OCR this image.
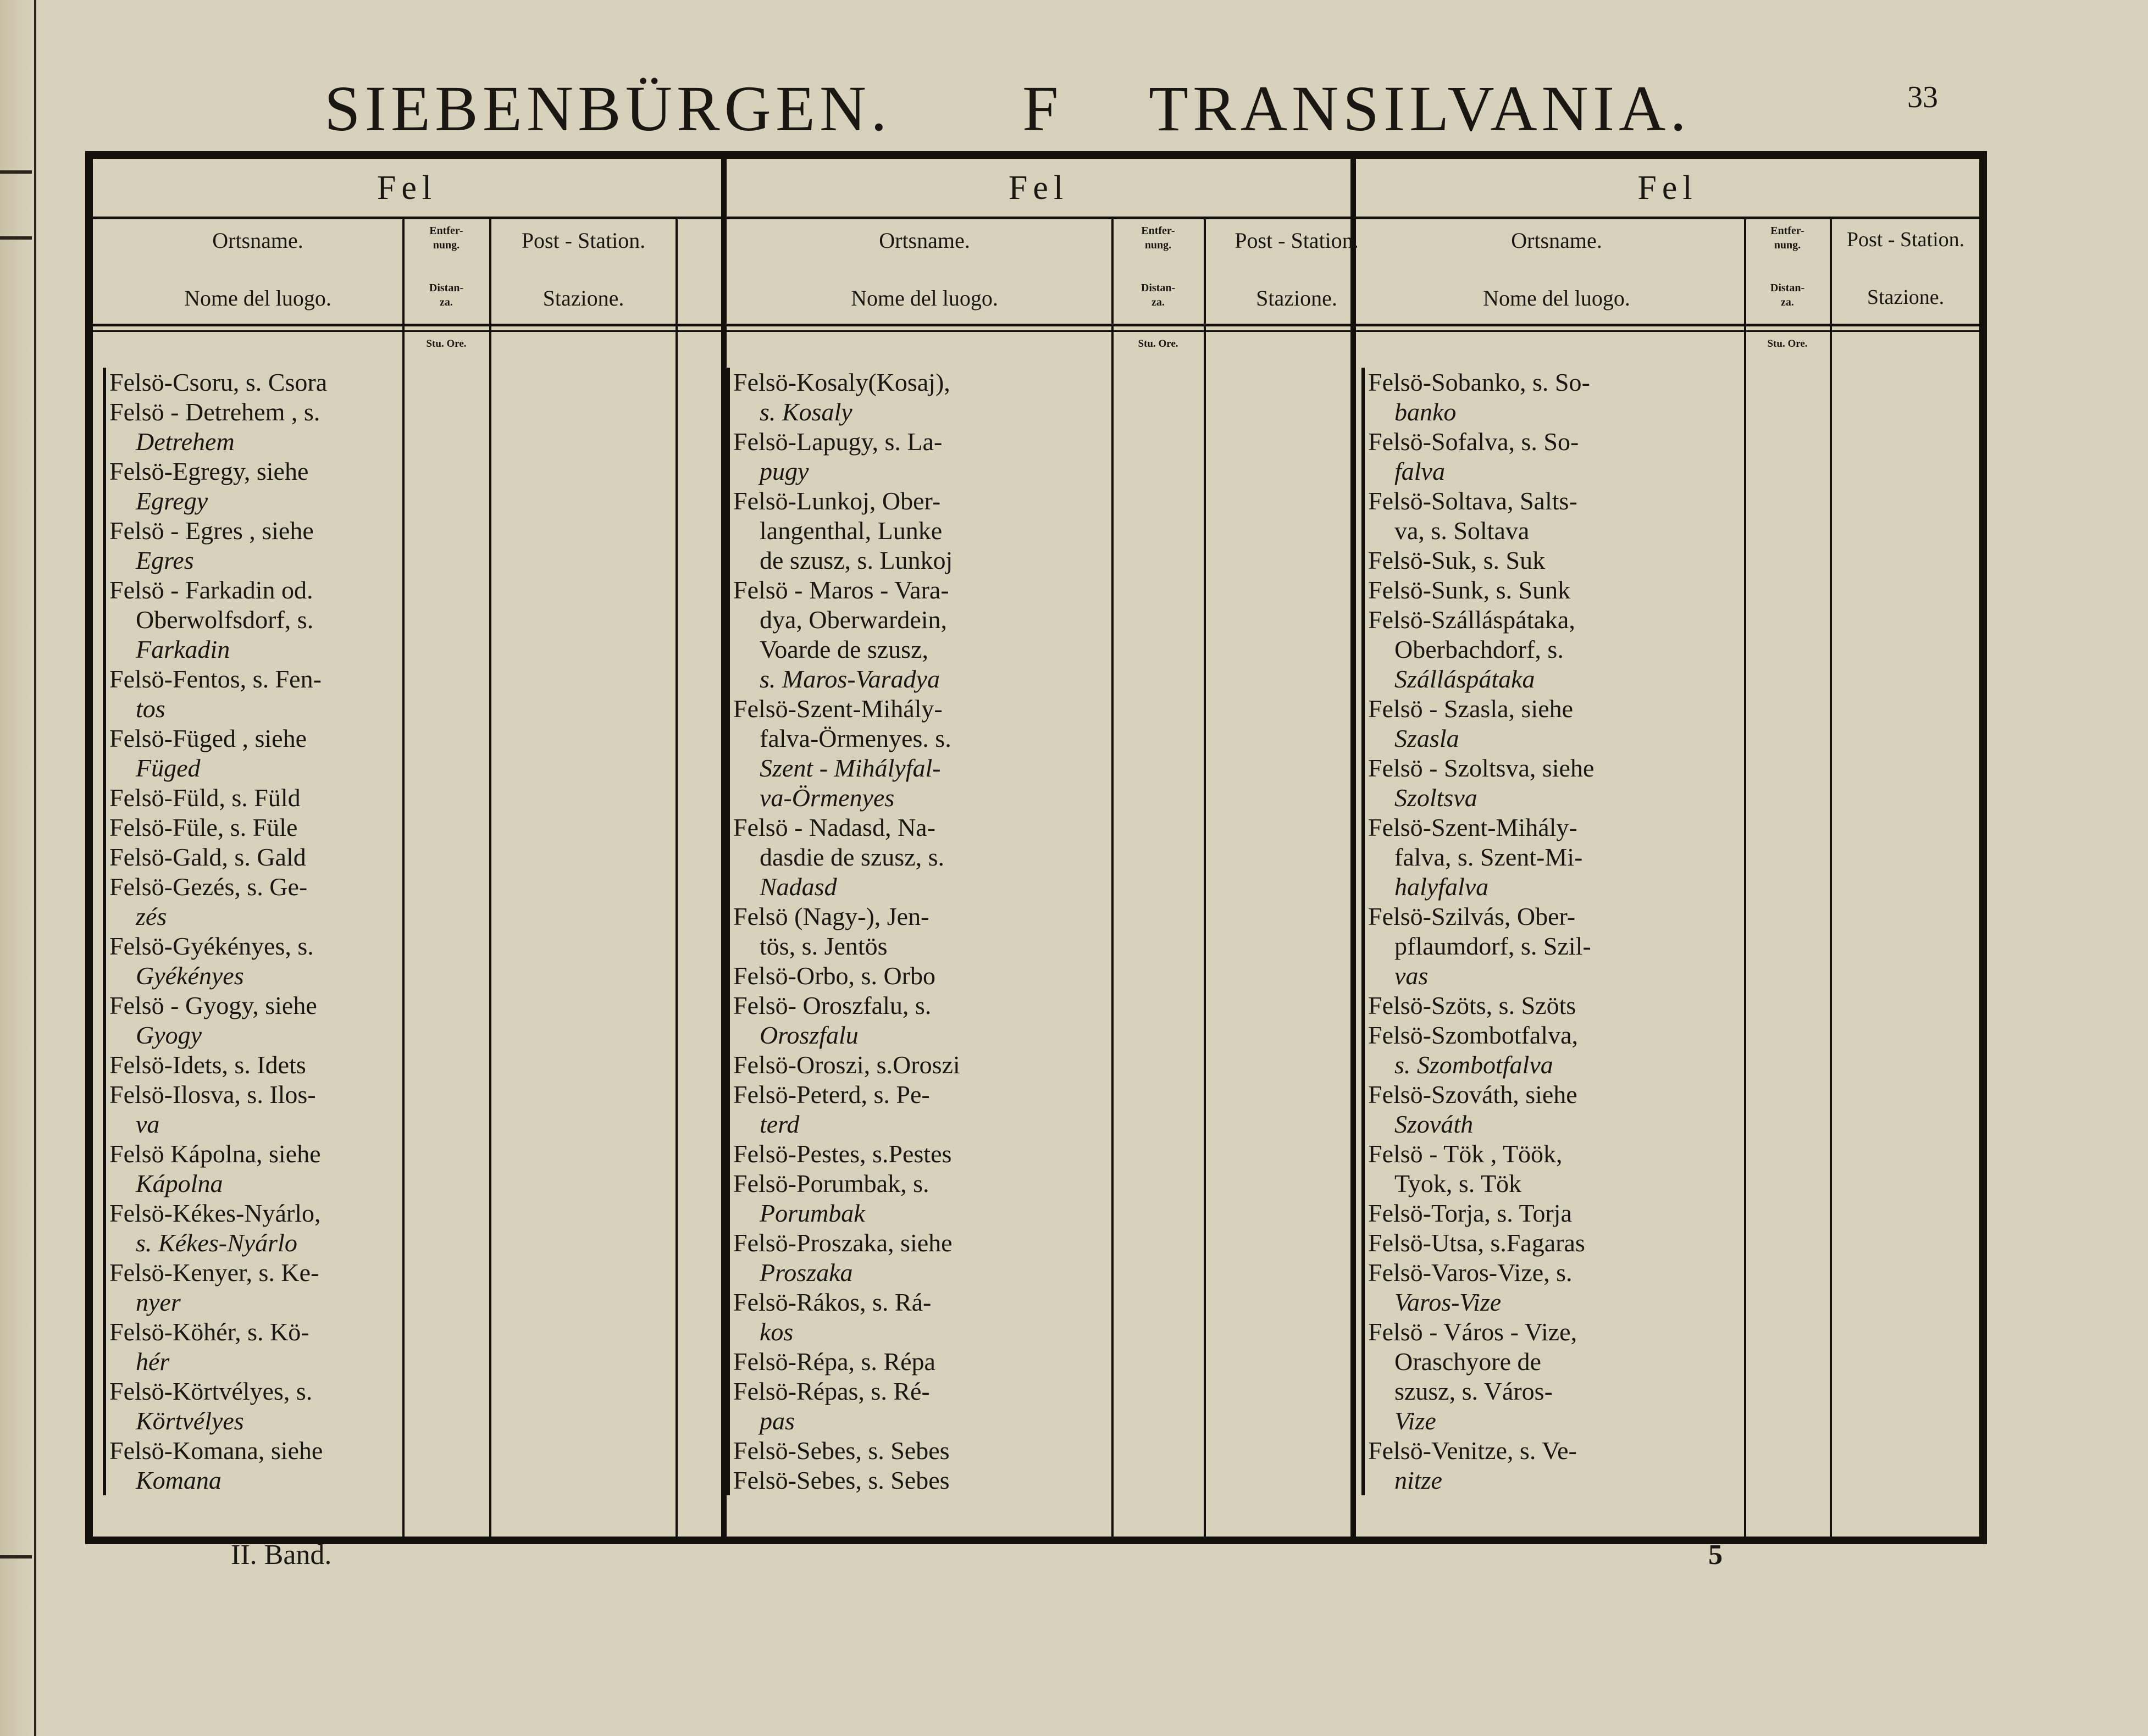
SIEBENBÜRGEN. F TRANSILVANIA.	33
Fel
Ortsname.
Nome del luogo.
Entfer-
nung.
Distan-
za.
Post - Station.
Stazione.
Stu. Ore.
Felsö-Csoru, s. Csora
Felsö - Detrehem , s.
Detrehem
Felsö-Egregy, siehe
Egregy
Felsö - Egres , siehe
Egres
Felsö - Farkadin od.
Oberwolfsdorf, s.
Farkadin
Felsö-Fentos, s. Fen-
tos
Felsö-Füged , siehe
Füged
Felsö-Füld, s. Füld
Felsö-Füle, s. Füle
Felsö-Gald, s. Gald
Felsö-Gezés, s. Ge-
zés
Felsö-Gyékényes, s.
Gyékényes
Felsö - Gyogy, siehe
Gyogy
Felsö-Idets, s. Idets
Felsö-Ilosva, s. Ilos-
va
Felsö Kápolna, siehe
Kápolna
Felsö-Kékes-Nyárlo,
s. Kékes-Nyárlo
Felsö-Kenyer, s. Ke-
nyer
Felsö-Köhér, s. Kö-
hér
Felsö-Körtvélyes, s.
Körtvélyes
Felsö-Komana, siehe
Komana
Fel
Ortsname.
Nome del luogo.
Entfer-
nung.
Distan-
za.
Post - Station.
Stazione.
Stu. Ore.
Felsö-Kosaly(Kosaj),
s. Kosaly
Felsö-Lapugy, s. La-
pugy
Felsö-Lunkoj, Ober-
langenthal, Lunke
de szusz, s. Lunkoj
Felsö - Maros - Vara-
dya, Oberwardein,
Voarde de szusz,
s. Maros-Varadya
Felsö-Szent-Mihály-
falva-Örmenyes. s.
Szent - Mihályfal-
va-Örmenyes
Felsö - Nadasd, Na-
dasdie de szusz, s.
Nadasd
Felsö (Nagy-), Jen-
tös, s. Jentös
Felsö-Orbo, s. Orbo
Felsö- Oroszfalu, s.
Oroszfalu
Felsö-Oroszi, s.Oroszi
Felsö-Peterd, s. Pe-
terd
Felsö-Pestes, s.Pestes
Felsö-Porumbak, s.
Porumbak
Felsö-Proszaka, siehe
Proszaka
Felsö-Rákos, s. Rá-
kos
Felsö-Répa, s. Répa
Felsö-Répas, s. Ré-
pas
Felsö-Sebes, s. Sebes
Felsö-Sebes, s. Sebes
Fel
Ortsname.
Nome del luogo.
Entfer-
nung.
Distan-
za.
Post - Station.
Stazione.
Stu. Ore.
Felsö-Sobanko, s. So-
banko
Felsö-Sofalva, s. So-
falva
Felsö-Soltava, Salts-
va, s. Soltava
Felsö-Suk, s. Suk
Felsö-Sunk, s. Sunk
Felsö-Szálláspátaka,
Oberbachdorf, s.
Szálláspátaka
Felsö - Szasla, siehe
Szasla
Felsö - Szoltsva, siehe
Szoltsva
Felsö-Szent-Mihály-
falva, s. Szent-Mi-
halyfalva
Felsö-Szilvás, Ober-
pflaumdorf, s. Szil-
vas
Felsö-Szöts, s. Szöts
Felsö-Szombotfalva,
s. Szombotfalva
Felsö-Szováth, siehe
Szováth
Felsö - Tök , Töök,
Tyok, s. Tök
Felsö-Torja, s. Torja
Felsö-Utsa, s.Fagaras
Felsö-Varos-Vize, s.
Varos-Vize
Felsö - Város - Vize,
Oraschyore de
szusz, s. Város-
Vize
Felsö-Venitze, s. Ve-
nitze
II. Band.	5
